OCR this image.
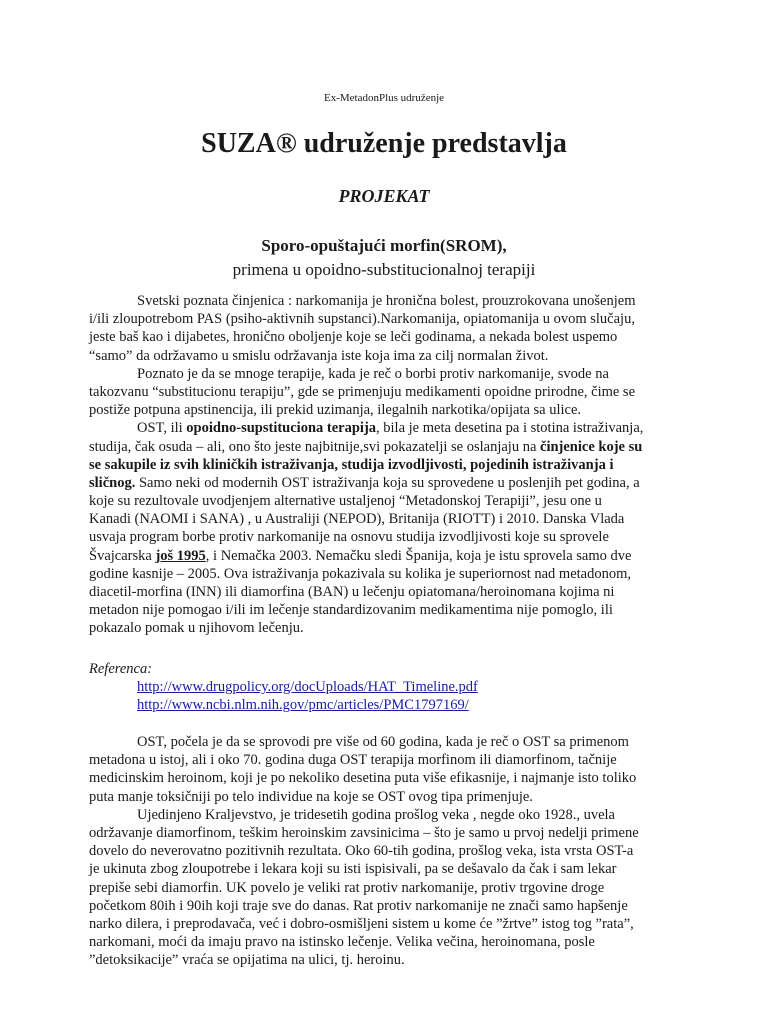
Ex-MetadonPlus udruženje
SUZA® udruženje predstavlja
PROJEKAT
Sporo-opuštajući morfin(SROM),
primena u opoidno-substitucionalnoj terapiji
Svetski poznata činjenica : narkomanija je hronična bolest, prouzrokovana unošenjem
i/ili zloupotrebom PAS (psiho-aktivnih supstanci).Narkomanija, opiatomanija u ovom slučaju,
jeste baš kao i dijabetes, hronično oboljenje koje se leči godinama, a nekada bolest uspemo
“samo” da održavamo u smislu održavanja iste koja ima za cilj normalan život.
Poznato je da se mnoge terapije, kada je reč o borbi protiv narkomanije, svode na
takozvanu “substitucionu terapiju”, gde se primenjuju medikamenti opoidne prirodne, čime se
postiže potpuna apstinencija, ili prekid uzimanja, ilegalnih narkotika/opijata sa ulice.
OST, ili opoidno-supstituciona terapija, bila je meta desetina pa i stotina istraživanja,
studija, čak osuda – ali, ono što jeste najbitnije,svi pokazatelji se oslanjaju na činjenice koje su
se sakupile iz svih kliničkih istraživanja, studija izvodljivosti, pojedinih istraživanja i
sličnog. Samo neki od modernih OST istraživanja koja su sprovedene u poslenjih pet godina, a
koje su rezultovale uvodjenjem alternative ustaljenoj “Metadonskoj Terapiji”, jesu one u
Kanadi (NAOMI i SANA) , u Australiji (NEPOD), Britanija (RIOTT) i 2010. Danska Vlada
usvaja program borbe protiv narkomanije na osnovu studija izvodljivosti koje su sprovele
Švajcarska još 1995, i Nemačka 2003. Nemačku sledi Španija, koja je istu sprovela samo dve
godine kasnije – 2005. Ova istraživanja pokazivala su kolika je superiornost nad metadonom,
diacetil-morfina (INN) ili diamorfina (BAN) u lečenju opiatomana/heroinomana kojima ni
metadon nije pomogao i/ili im lečenje standardizovanim medikamentima nije pomoglo, ili
pokazalo pomak u njihovom lečenju.
Referenca:
http://www.drugpolicy.org/docUploads/HAT_Timeline.pdf
http://www.ncbi.nlm.nih.gov/pmc/articles/PMC1797169/
OST, počela je da se sprovodi pre više od 60 godina, kada je reč o OST sa primenom
metadona u istoj, ali i oko 70. godina duga OST terapija morfinom ili diamorfinom, tačnije
medicinskim heroinom, koji je po nekoliko desetina puta više efikasnije, i najmanje isto toliko
puta manje toksičniji po telo individue na koje se OST ovog tipa primenjuje.
Ujedinjeno Kraljevstvo, je tridesetih godina prošlog veka , negde oko 1928., uvela
održavanje diamorfinom, teškim heroinskim zavsinicima – što je samo u prvoj nedelji primene
dovelo do neverovatno pozitivnih rezultata. Oko 60-tih godina, prošlog veka, ista vrsta OST-a
je ukinuta zbog zloupotrebe i lekara koji su isti ispisivali, pa se dešavalo da čak i sam lekar
prepiše sebi diamorfin. UK povelo je veliki rat protiv narkomanije, protiv trgovine droge
početkom 80ih i 90ih koji traje sve do danas. Rat protiv narkomanije ne znači samo hapšenje
narko dilera, i preprodavača, već i dobro-osmišljeni sistem u kome će ”žrtve” istog tog ”rata”,
narkomani, moći da imaju pravo na istinsko lečenje. Velika večina, heroinomana, posle
”detoksikacije” vraća se opijatima na ulici, tj. heroinu.
